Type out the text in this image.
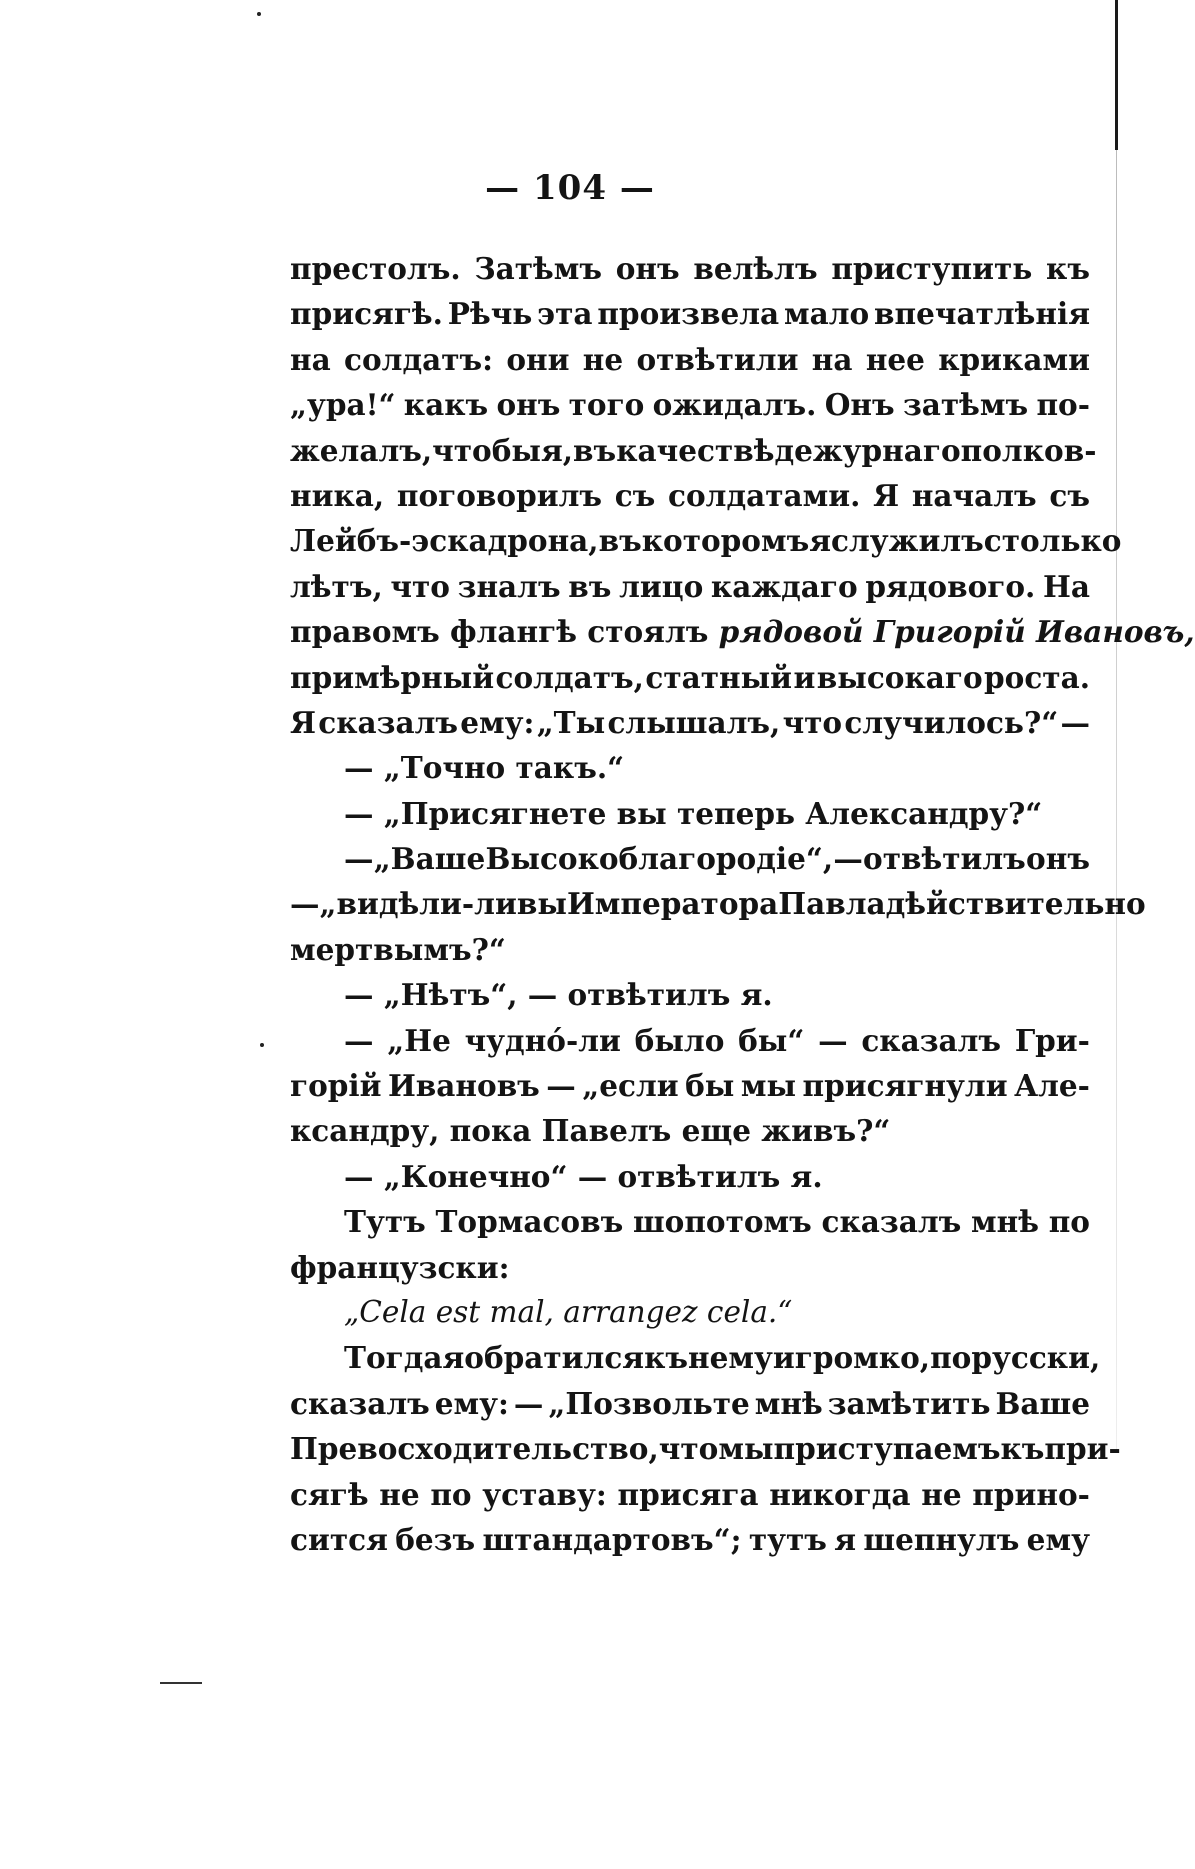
— 104 —
престолъ. Затѣмъ онъ велѣлъ приступить къ
присягѣ. Рѣчь эта произвела мало впечатлѣнія
на солдатъ: они не отвѣтили на нее криками
„ура!“ какъ онъ того ожидалъ. Онъ затѣмъ по-
желалъ, чтобы я, въ качествѣ дежурнаго полков-
ника, поговорилъ съ солдатами. Я началъ съ
Лейбъ-эскадрона, въ которомъ я служилъ столько
лѣтъ, что зналъ въ лицо каждаго рядового. На
правомъ флангѣ стоялъ рядовой Григорій Ивановъ,
примѣрный солдатъ, статный и высокаго роста.
Я сказалъ ему: „Ты слышалъ, что случилось?“ —
— „Точно такъ.“
— „Присягнете вы теперь Александру?“
— „Ваше Высокоблагородіе“, — отвѣтилъ онъ
— „видѣли-ли вы Императора Павла дѣйствительно
мертвымъ?“
— „Нѣтъ“, — отвѣтилъ я.
— „Не чуднó-ли было бы“ — сказалъ Гри-
горій Ивановъ — „если бы мы присягнули Але-
ксандру, пока Павелъ еще живъ?“
— „Конечно“ — отвѣтилъ я.
Тутъ Тормасовъ шопотомъ сказалъ мнѣ по
французски:
„Cela est mal, arrangez cela.“
Тогда я обратился къ нему и громко, по русски,
сказалъ ему: — „Позвольте мнѣ замѣтить Ваше
Превосходительство, что мы приступаемъ къ при-
сягѣ не по уставу: присяга никогда не прино-
сится безъ штандартовъ“; тутъ я шепнулъ ему
